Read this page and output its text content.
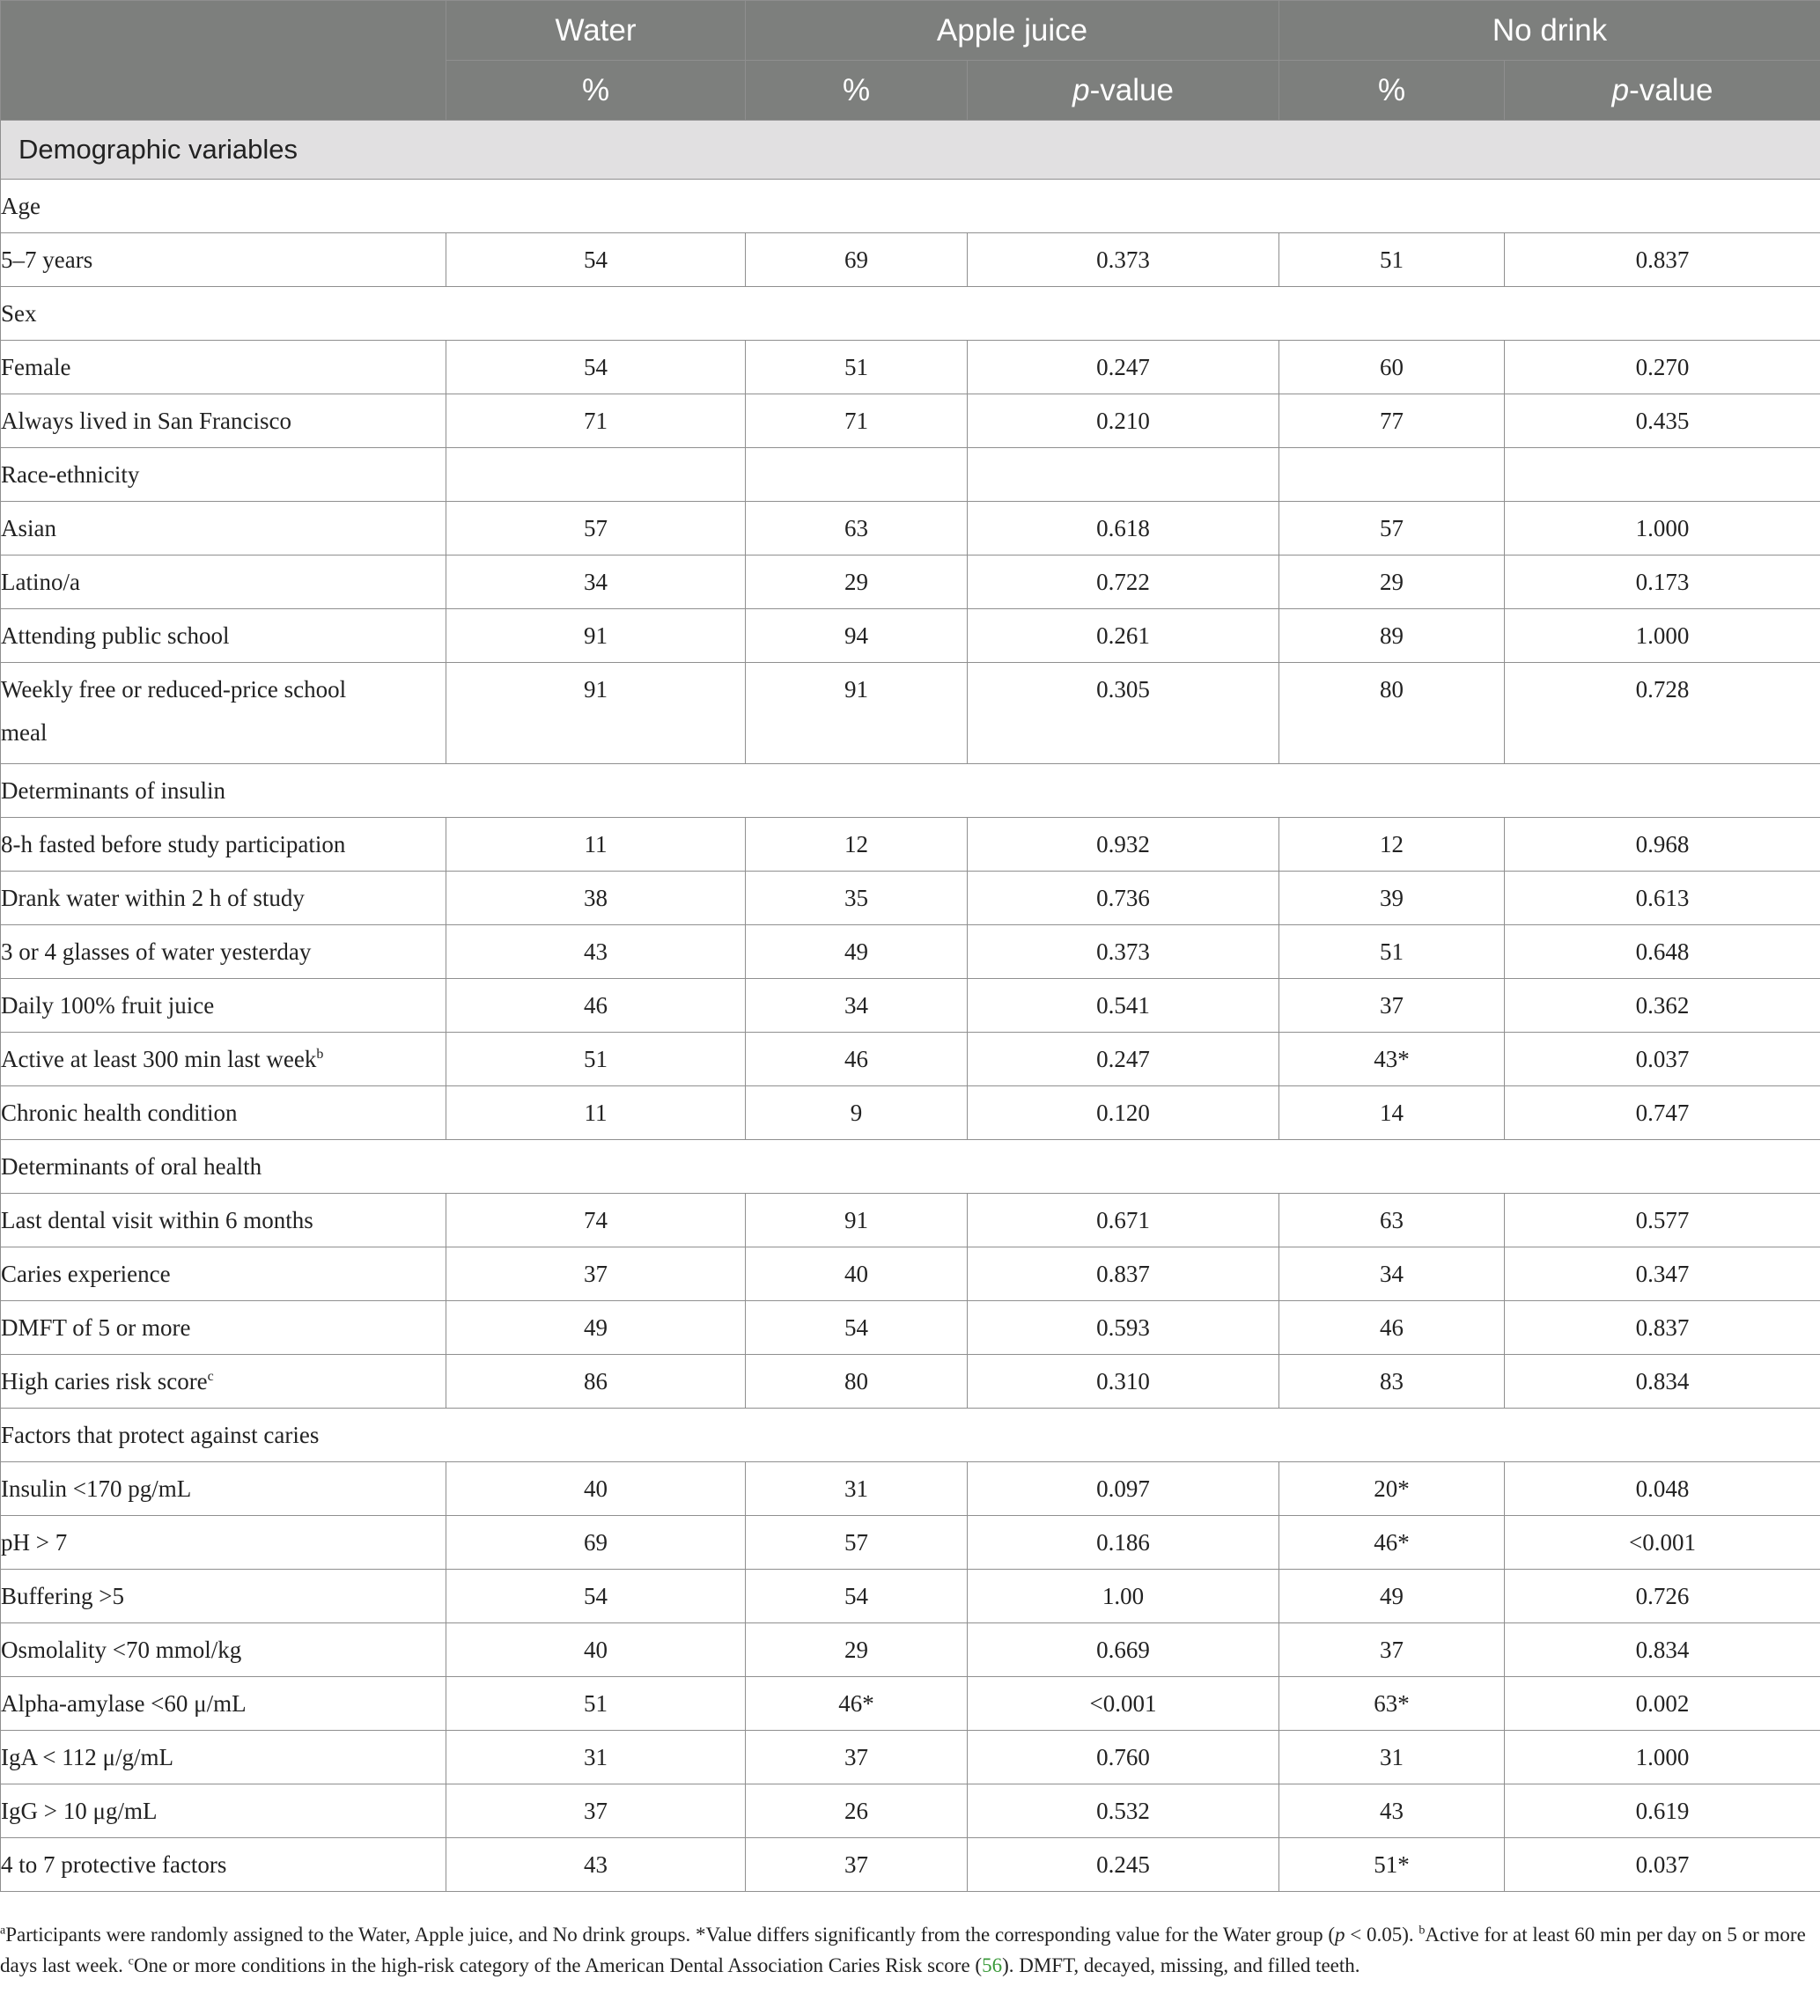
	Water	Apple juice		No drink	
	%	%	p-value	%	p-value
Demographic variables					
Age					
5–7 years	54	69	0.373	51	0.837
Sex					
Female	54	51	0.247	60	0.270
Always lived in San Francisco	71	71	0.210	77	0.435
Race-ethnicity					
Asian	57	63	0.618	57	1.000
Latino/a	34	29	0.722	29	0.173
Attending public school	91	94	0.261	89	1.000
Weekly free or reduced-price school
meal	91	91	0.305	80	0.728
Determinants of insulin					
8-h fasted before study participation	11	12	0.932	12	0.968
Drank water within 2 h of study	38	35	0.736	39	0.613
3 or 4 glasses of water yesterday	43	49	0.373	51	0.648
Daily 100% fruit juice	46	34	0.541	37	0.362
Active at least 300 min last week$^b$	51	46	0.247	43*	0.037
Chronic health condition	11	9	0.120	14	0.747
Determinants of oral health					
Last dental visit within 6 months	74	91	0.671	63	0.577
Caries experience	37	40	0.837	34	0.347
DMFT of 5 or more	49	54	0.593	46	0.837
High caries risk score$^c$	86	80	0.310	83	0.834
Factors that protect against caries					
Insulin <170 pg/mL	40	31	0.097	20*	0.048
pH > 7	69	57	0.186	46*	<0.001
Buffering >5	54	54	1.00	49	0.726
Osmolality <70 mmol/kg	40	29	0.669	37	0.834
Alpha-amylase <60 μ/mL	51	46*	<0.001	63*	0.002
IgA < 112 μ/g/mL	31	37	0.760	31	1.000
IgG > 10 μg/mL	37	26	0.532	43	0.619
4 to 7 protective factors	43	37	0.245	51*	0.037
$^a$Participants were randomly assigned to the Water, Apple juice, and No drink groups. *Value differs significantly from the corresponding value for the Water group (p < 0.05). $^b$Active for at least 60 min per day on 5 or more days last week. $^c$One or more conditions in the high-risk category of the American Dental Association Caries Risk score (56). DMFT, decayed, missing, and filled teeth.
